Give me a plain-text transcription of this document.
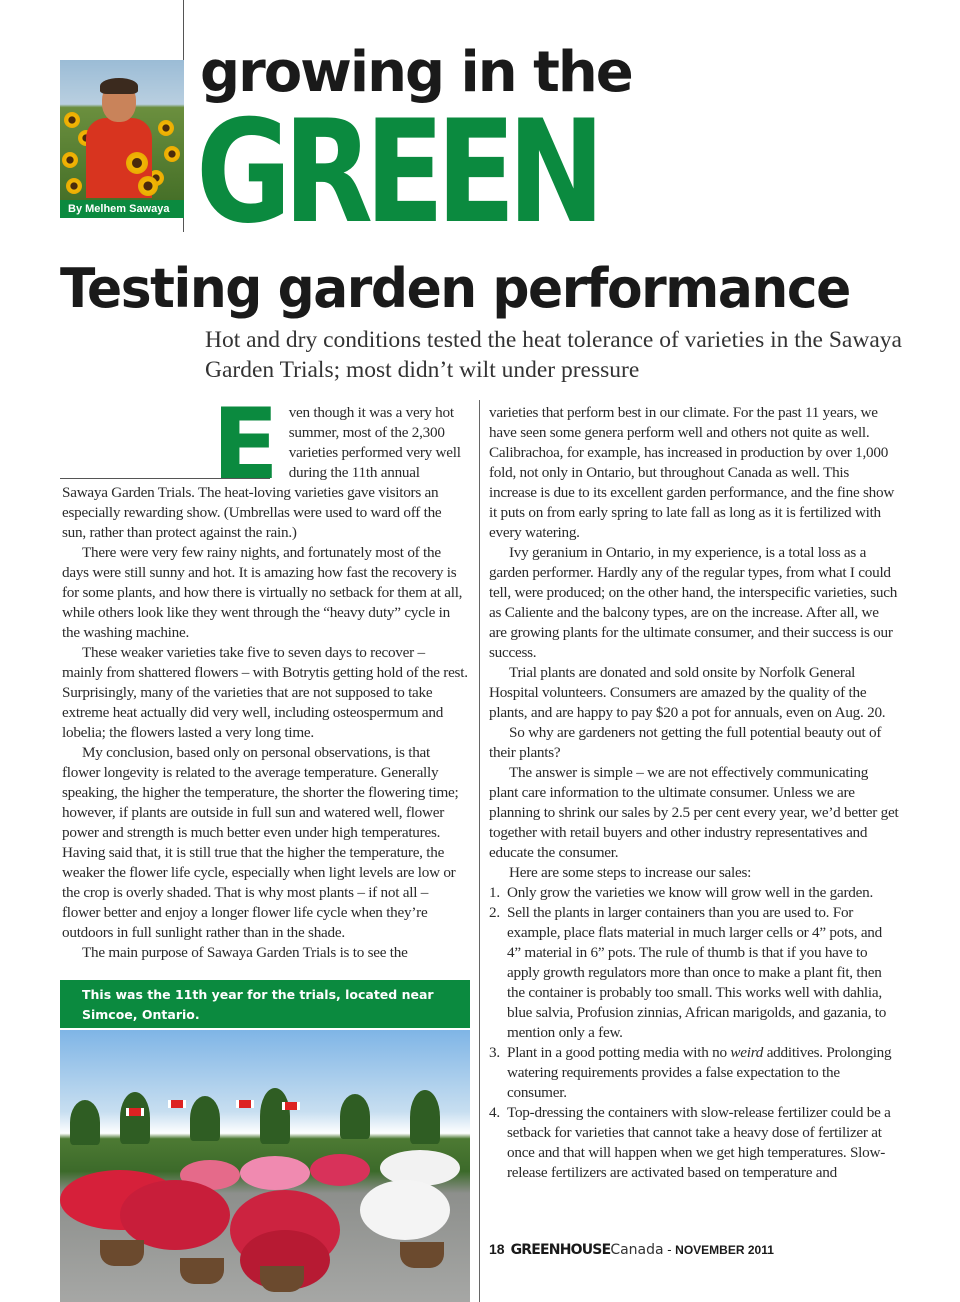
By Melhem Sawaya
growing in the
GREEN
Testing garden performance
Hot and dry conditions tested the heat tolerance of varieties in the Sawaya Garden Trials; most didn’t wilt under pressure
E ven though it was a very hot summer, most of the 2,300 varieties performed very well during the 11th annual Sawaya Garden Trials. The heat-loving varieties gave visitors an especially rewarding show. (Umbrellas were used to ward off the sun, rather than protect against the rain.)

There were very few rainy nights, and fortunately most of the days were still sunny and hot. It is amazing how fast the recovery is for some plants, and how there is virtually no setback for them at all, while others look like they went through the “heavy duty” cycle in the washing machine.

These weaker varieties take five to seven days to recover – mainly from shattered flowers – with Botrytis getting hold of the rest. Surprisingly, many of the varieties that are not supposed to take extreme heat actually did very well, including osteospermum and lobelia; the flowers lasted a very long time.

My conclusion, based only on personal observations, is that flower longevity is related to the average temperature. Generally speaking, the higher the temperature, the shorter the flowering time; however, if plants are outside in full sun and watered well, flower power and strength is much better even under high temperatures. Having said that, it is still true that the higher the temperature, the weaker the flower life cycle, especially when light levels are low or the crop is overly shaded. That is why most plants – if not all – flower better and enjoy a longer flower life cycle when they’re outdoors in full sunlight rather than in the shade.

The main purpose of Sawaya Garden Trials is to see the

varieties that perform best in our climate. For the past 11 years, we have seen some genera perform well and others not quite as well. Calibrachoa, for example, has increased in production by over 1,000 fold, not only in Ontario, but throughout Canada as well. This increase is due to its excellent garden performance, and the fine show it puts on from early spring to late fall as long as it is fertilized with every watering.

Ivy geranium in Ontario, in my experience, is a total loss as a garden performer. Hardly any of the regular types, from what I could tell, were produced; on the other hand, the interspecific varieties, such as Caliente and the balcony types, are on the increase. After all, we are growing plants for the ultimate consumer, and their success is our success.

Trial plants are donated and sold onsite by Norfolk General Hospital volunteers. Consumers are amazed by the quality of the plants, and are happy to pay $20 a pot for annuals, even on Aug. 20.

So why are gardeners not getting the full potential beauty out of their plants?

The answer is simple – we are not effectively communicating plant care information to the ultimate consumer. Unless we are planning to shrink our sales by 2.5 per cent every year, we’d better get together with retail buyers and other industry representatives and educate the consumer.

Here are some steps to increase our sales:

1. Only grow the varieties we know will grow well in the garden.
2. Sell the plants in larger containers than you are used to. For example, place flats material in much larger cells or 4” pots, and 4” material in 6” pots. The rule of thumb is that if you have to apply growth regulators more than once to make a plant fit, then the container is probably too small. This works well with dahlia, blue salvia, Profusion zinnias, African marigolds, and gazania, to mention only a few.
3. Plant in a good potting media with no weird additives. Prolonging watering requirements provides a false expectation to the consumer.
4. Top-dressing the containers with slow-release fertilizer could be a setback for varieties that cannot take a heavy dose of fertilizer at once and that will happen when we get high temperatures. Slow-release fertilizers are activated based on temperature and
This was the 11th year for the trials, located near Simcoe, Ontario.
18 GREENHOUSECanada - NOVEMBER 2011
